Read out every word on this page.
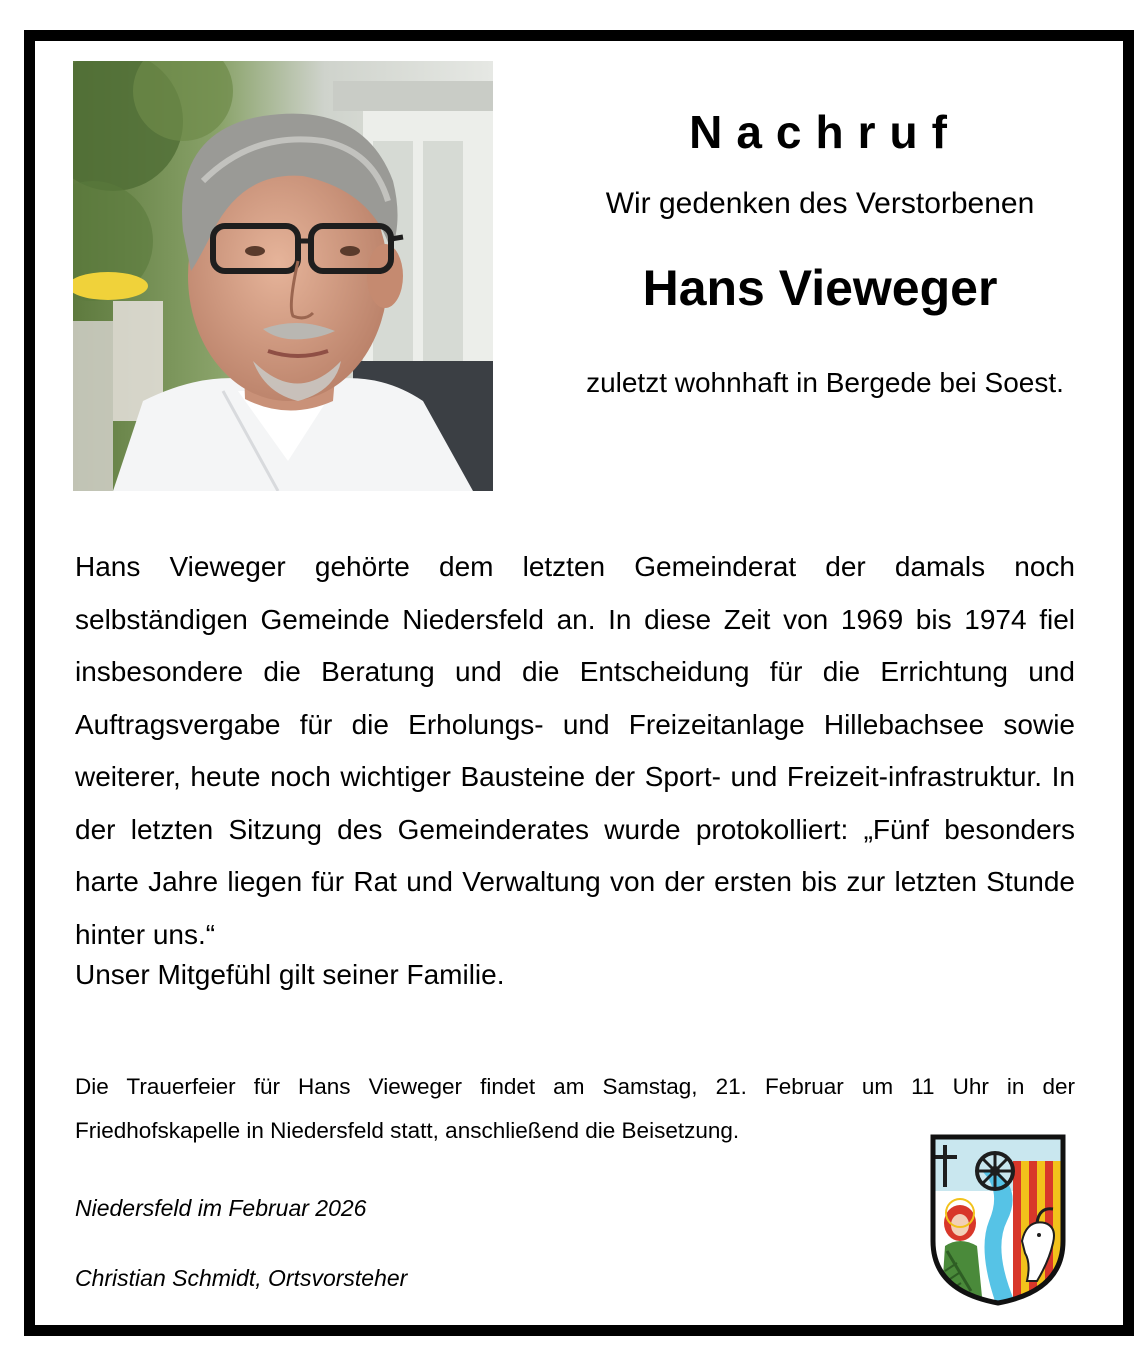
Nachruf
Wir gedenken des Verstorbenen
Hans Vieweger
zuletzt wohnhaft in Bergede bei Soest.

Hans Vieweger gehörte dem letzten Gemeinderat der damals noch selbständigen Gemeinde Niedersfeld an. In diese Zeit von 1969 bis 1974 fiel insbesondere die Beratung und die Entscheidung für die Errichtung und Auftragsvergabe für die Erholungs- und Freizeitanlage Hillebachsee sowie weiterer, heute noch wichtiger Bausteine der Sport- und Freizeit-infrastruktur. In der letzten Sitzung des Gemeinderates wurde protokolliert: „Fünf besonders harte Jahre liegen für Rat und Verwaltung von der ersten bis zur letzten Stunde hinter uns.“

Unser Mitgefühl gilt seiner Familie.
Die Trauerfeier für Hans Vieweger findet am Samstag, 21. Februar um 11 Uhr in der Friedhofskapelle in Niedersfeld statt, anschließend die Beisetzung.
Niedersfeld im Februar 2026
Christian Schmidt, Ortsvorsteher
